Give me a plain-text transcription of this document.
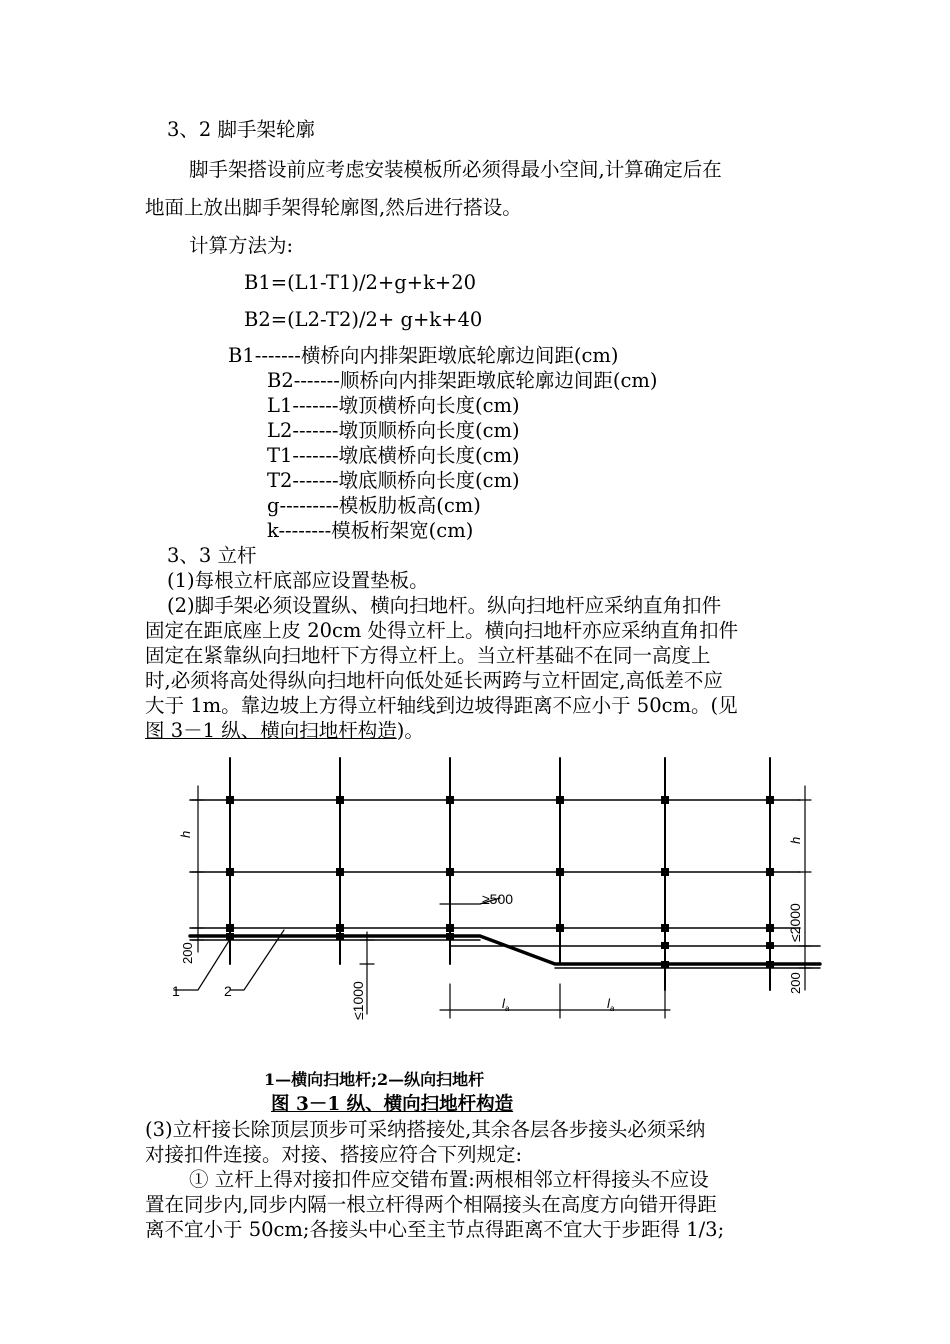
3、2 脚手架轮廓
脚手架搭设前应考虑安装模板所必须得最小空间,计算确定后在
地面上放出脚手架得轮廓图,然后进行搭设。
计算方法为:
B1=(L1-T1)/2+g+k+20
B2=(L2-T2)/2+ g+k+40
B1-------横桥向内排架距墩底轮廓边间距(cm)
B2-------顺桥向内排架距墩底轮廓边间距(cm)
L1-------墩顶横桥向长度(cm)
L2-------墩顶顺桥向长度(cm)
T1-------墩底横桥向长度(cm)
T2-------墩底顺桥向长度(cm)
g---------模板肋板高(cm)
k--------模板桁架宽(cm)
3、3 立杆
(1)每根立杆底部应设置垫板。
(2)脚手架必须设置纵、横向扫地杆。纵向扫地杆应采纳直角扣件
固定在距底座上皮 20cm 处得立杆上。横向扫地杆亦应采纳直角扣件
固定在紧靠纵向扫地杆下方得立杆上。当立杆基础不在同一高度上
时,必须将高处得纵向扫地杆向低处延长两跨与立杆固定,高低差不应
大于 1m。靠边坡上方得立杆轴线到边坡得距离不应小于 50cm。(见
图 3－1 纵、横向扫地杆构造)。
h
h
≥500
≤2000
≤1000
200
200
$l_a$	$l_a$
1	2
1—横向扫地杆;2—纵向扫地杆
图 3－1 纵、横向扫地杆构造
(3)立杆接长除顶层顶步可采纳搭接处,其余各层各步接头必须采纳
对接扣件连接。对接、搭接应符合下列规定:
① 立杆上得对接扣件应交错布置:两根相邻立杆得接头不应设
置在同步内,同步内隔一根立杆得两个相隔接头在高度方向错开得距
离不宜小于 50cm;各接头中心至主节点得距离不宜大于步距得 1/3;
